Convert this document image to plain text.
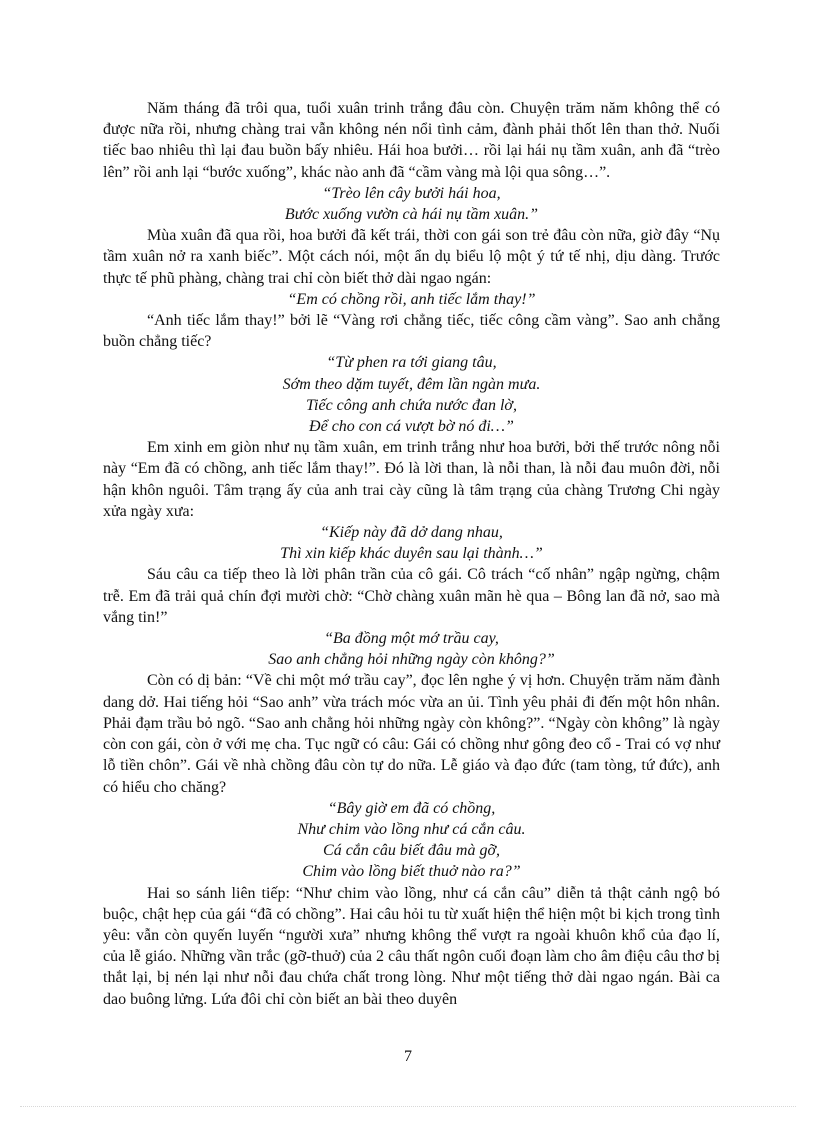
Năm tháng đã trôi qua, tuổi xuân trinh trắng đâu còn. Chuyện trăm năm không thể có được nữa rồi, nhưng chàng trai vẫn không nén nổi tình cảm, đành phải thốt lên than thở. Nuối tiếc bao nhiêu thì lại đau buồn bấy nhiêu. Hái hoa bưởi… rồi lại hái nụ tầm xuân, anh đã “trèo lên” rồi anh lại “bước xuống”, khác nào anh đã “cầm vàng mà lội qua sông…”.

“Trèo lên cây bưởi hái hoa,
Bước xuống vườn cà hái nụ tầm xuân.”

Mùa xuân đã qua rồi, hoa bưởi đã kết trái, thời con gái son trẻ đâu còn nữa, giờ đây “Nụ tầm xuân nở ra xanh biếc”. Một cách nói, một ẩn dụ biểu lộ một ý tứ tế nhị, dịu dàng. Trước thực tế phũ phàng, chàng trai chỉ còn biết thở dài ngao ngán:

“Em có chồng rồi, anh tiếc lắm thay!”

“Anh tiếc lắm thay!” bởi lẽ “Vàng rơi chẳng tiếc, tiếc công cầm vàng”. Sao anh chẳng buồn chẳng tiếc?

“Từ phen ra tới giang tâu,
Sớm theo dặm tuyết, đêm lần ngàn mưa.
Tiếc công anh chứa nước đan lờ,
Để cho con cá vượt bờ nó đi…”

Em xinh em giòn như nụ tầm xuân, em trinh trắng như hoa bưởi, bởi thế trước nông nỗi này “Em đã có chồng, anh tiếc lắm thay!”. Đó là lời than, là nỗi than, là nỗi đau muôn đời, nỗi hận khôn nguôi. Tâm trạng ấy của anh trai cày cũng là tâm trạng của chàng Trương Chi ngày xửa ngày xưa:

“Kiếp này đã dở dang nhau,
Thì xin kiếp khác duyên sau lại thành…”

Sáu câu ca tiếp theo là lời phân trần của cô gái. Cô trách “cố nhân” ngập ngừng, chậm trễ. Em đã trải quả chín đợi mười chờ: “Chờ chàng xuân mãn hè qua – Bông lan đã nở, sao mà vắng tin!”

“Ba đồng một mớ trầu cay,
Sao anh chẳng hỏi những ngày còn không?”

Còn có dị bản: “Về chi một mớ trầu cay”, đọc lên nghe ý vị hơn. Chuyện trăm năm đành dang dở. Hai tiếng hỏi “Sao anh” vừa trách móc vừa an ủi. Tình yêu phải đi đến một hôn nhân. Phải đạm trầu bỏ ngõ. “Sao anh chẳng hỏi những ngày còn không?”. “Ngày còn không” là ngày còn con gái, còn ở với mẹ cha. Tục ngữ có câu: Gái có chồng như gông đeo cổ - Trai có vợ như lỗ tiền chôn”. Gái về nhà chồng đâu còn tự do nữa. Lễ giáo và đạo đức (tam tòng, tứ đức), anh có hiểu cho chăng?

“Bây giờ em đã có chồng,
Như chim vào lồng như cá cắn câu.
Cá cắn câu biết đâu mà gỡ,
Chim vào lồng biết thuở nào ra?”

Hai so sánh liên tiếp: “Như chim vào lồng, như cá cắn câu” diễn tả thật cảnh ngộ bó buộc, chật hẹp của gái “đã có chồng”. Hai câu hỏi tu từ xuất hiện thể hiện một bi kịch trong tình yêu: vẫn còn quyến luyến “người xưa” nhưng không thể vượt ra ngoài khuôn khổ của đạo lí, của lễ giáo. Những vần trắc (gỡ-thuở) của 2 câu thất ngôn cuối đoạn làm cho âm điệu câu thơ bị thắt lại, bị nén lại như nỗi đau chứa chất trong lòng. Như một tiếng thở dài ngao ngán. Bài ca dao buông lửng. Lứa đôi chỉ còn biết an bài theo duyên

7
